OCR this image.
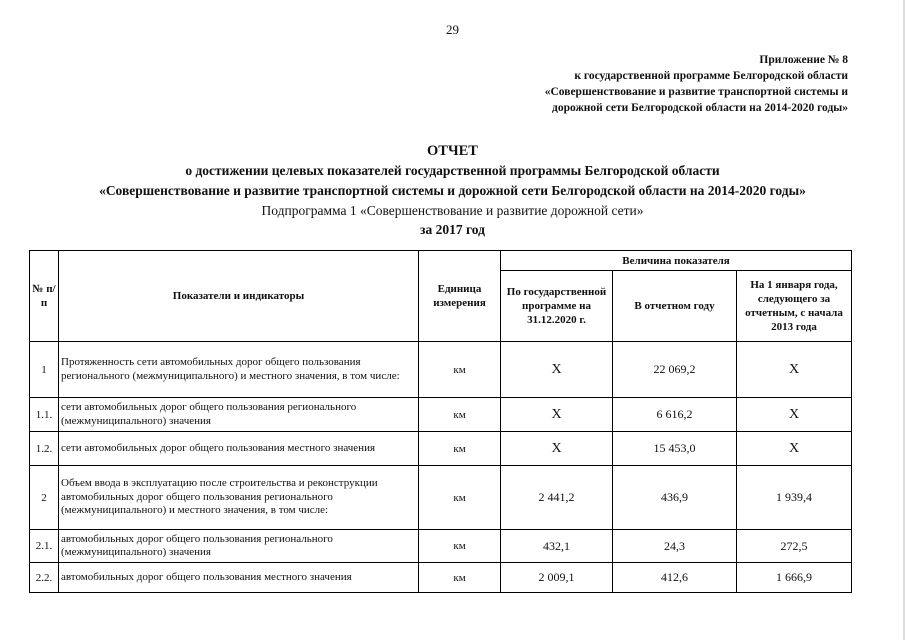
29
Приложение № 8
к государственной программе Белгородской области
«Совершенствование и развитие транспортной системы и
дорожной сети Белгородской области на 2014-2020 годы»
ОТЧЕТ
о достижении целевых показателей государственной программы Белгородской области
«Совершенствование и развитие транспортной системы и дорожной сети Белгородской области на 2014-2020 годы»
Подпрограмма 1 «Совершенствование и развитие дорожной сети»
за 2017 год
№ п/п	Показатели и индикаторы	Единица измерения	Величина показателя		
			По государственной программе на 31.12.2020 г.	В отчетном году	На 1 января года, следующего за отчетным, с начала 2013 года
1	Протяженность сети автомобильных дорог общего пользования регионального (межмуниципального) и местного значения, в том числе:	км	Х	22 069,2	Х
1.1.	сети автомобильных дорог общего пользования регионального (межмуниципального) значения	км	Х	6 616,2	Х
1.2.	сети автомобильных дорог общего пользования местного значения	км	Х	15 453,0	Х
2	Объем ввода в эксплуатацию после строительства и реконструкции автомобильных дорог общего пользования регионального (межмуниципального) и местного значения, в том числе:	км	2 441,2	436,9	1 939,4
2.1.	автомобильных дорог общего пользования регионального (межмуниципального) значения	км	432,1	24,3	272,5
2.2.	автомобильных дорог общего пользования местного значения	км	2 009,1	412,6	1 666,9
